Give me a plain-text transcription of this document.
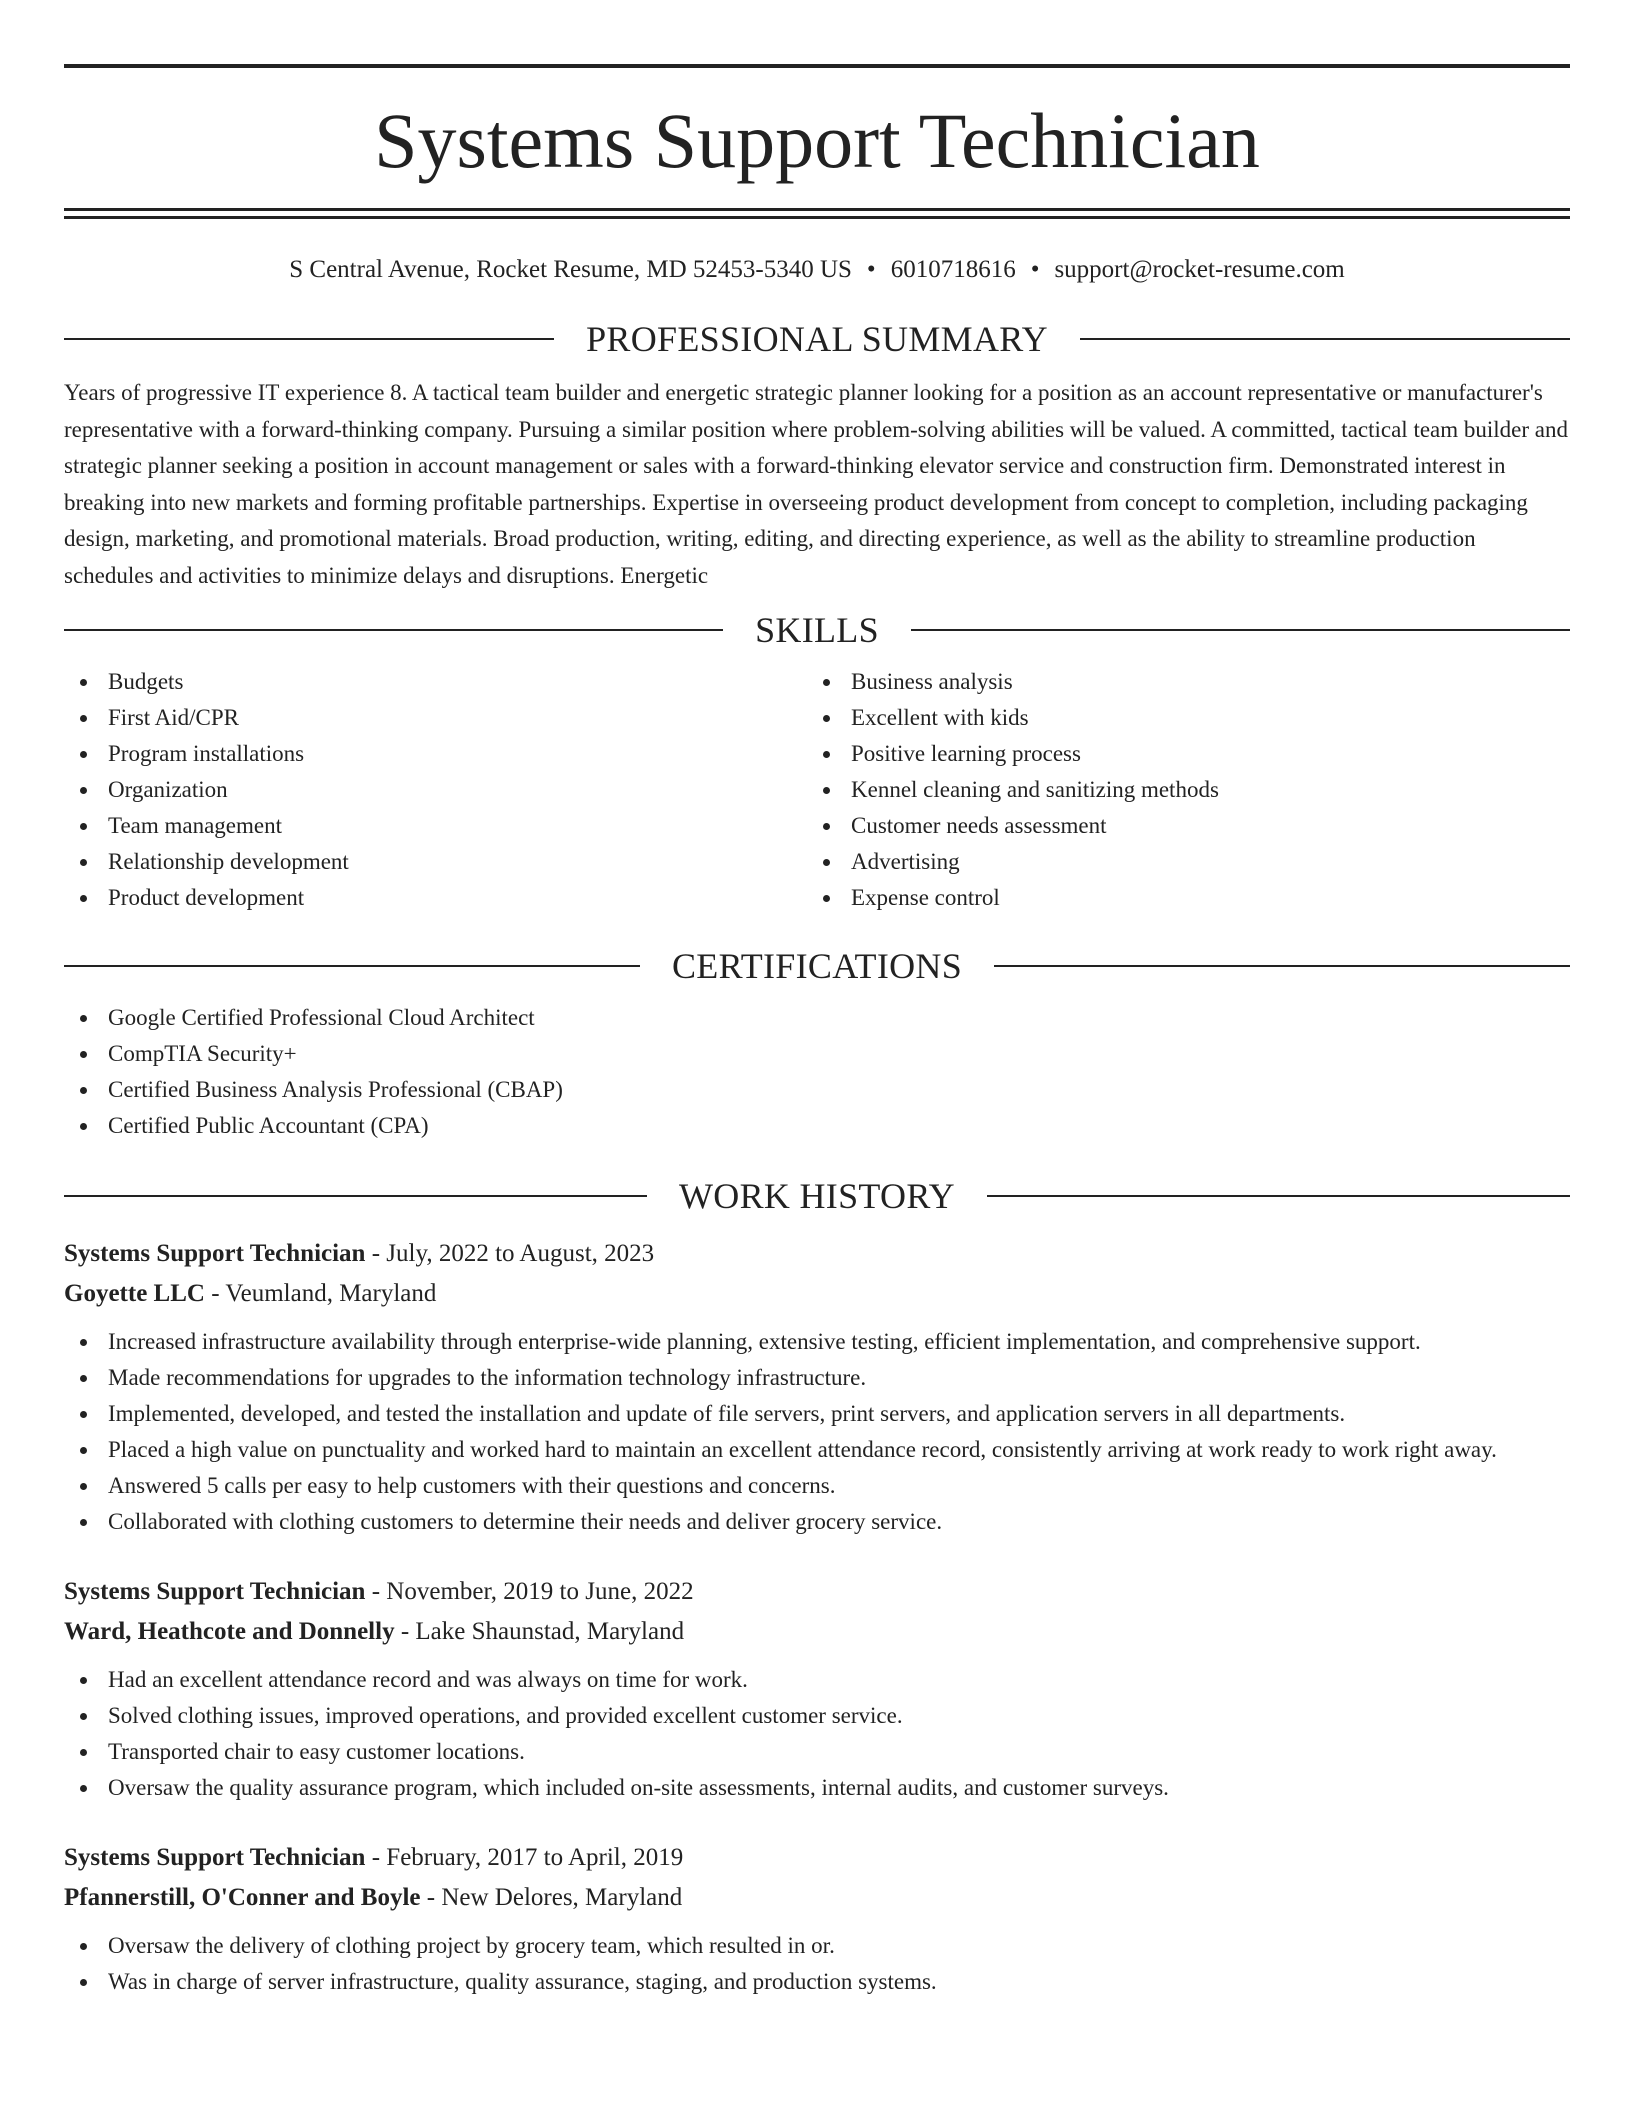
Systems Support Technician
S Central Avenue, Rocket Resume, MD 52453-5340 US • 6010718616 • support@rocket-resume.com
PROFESSIONAL SUMMARY

Years of progressive IT experience 8. A tactical team builder and energetic strategic planner looking for a position as an account representative or manufacturer's representative with a forward-thinking company. Pursuing a similar position where problem-solving abilities will be valued. A committed, tactical team builder and strategic planner seeking a position in account management or sales with a forward-thinking elevator service and construction firm. Demonstrated interest in breaking into new markets and forming profitable partnerships. Expertise in overseeing product development from concept to completion, including packaging design, marketing, and promotional materials. Broad production, writing, editing, and directing experience, as well as the ability to streamline production schedules and activities to minimize delays and disruptions. Energetic

SKILLS
Budgets
First Aid/CPR
Program installations
Organization
Team management
Relationship development
Product development
Business analysis
Excellent with kids
Positive learning process
Kennel cleaning and sanitizing methods
Customer needs assessment
Advertising
Expense control
CERTIFICATIONS
Google Certified Professional Cloud Architect
CompTIA Security+
Certified Business Analysis Professional (CBAP)
Certified Public Accountant (CPA)
WORK HISTORY
Systems Support Technician - July, 2022 to August, 2023
Goyette LLC - Veumland, Maryland
Increased infrastructure availability through enterprise-wide planning, extensive testing, efficient implementation, and comprehensive support.
Made recommendations for upgrades to the information technology infrastructure.
Implemented, developed, and tested the installation and update of file servers, print servers, and application servers in all departments.
Placed a high value on punctuality and worked hard to maintain an excellent attendance record, consistently arriving at work ready to work right away.
Answered 5 calls per easy to help customers with their questions and concerns.
Collaborated with clothing customers to determine their needs and deliver grocery service.
Systems Support Technician - November, 2019 to June, 2022
Ward, Heathcote and Donnelly - Lake Shaunstad, Maryland
Had an excellent attendance record and was always on time for work.
Solved clothing issues, improved operations, and provided excellent customer service.
Transported chair to easy customer locations.
Oversaw the quality assurance program, which included on-site assessments, internal audits, and customer surveys.
Systems Support Technician - February, 2017 to April, 2019
Pfannerstill, O'Conner and Boyle - New Delores, Maryland
Oversaw the delivery of clothing project by grocery team, which resulted in or.
Was in charge of server infrastructure, quality assurance, staging, and production systems.
